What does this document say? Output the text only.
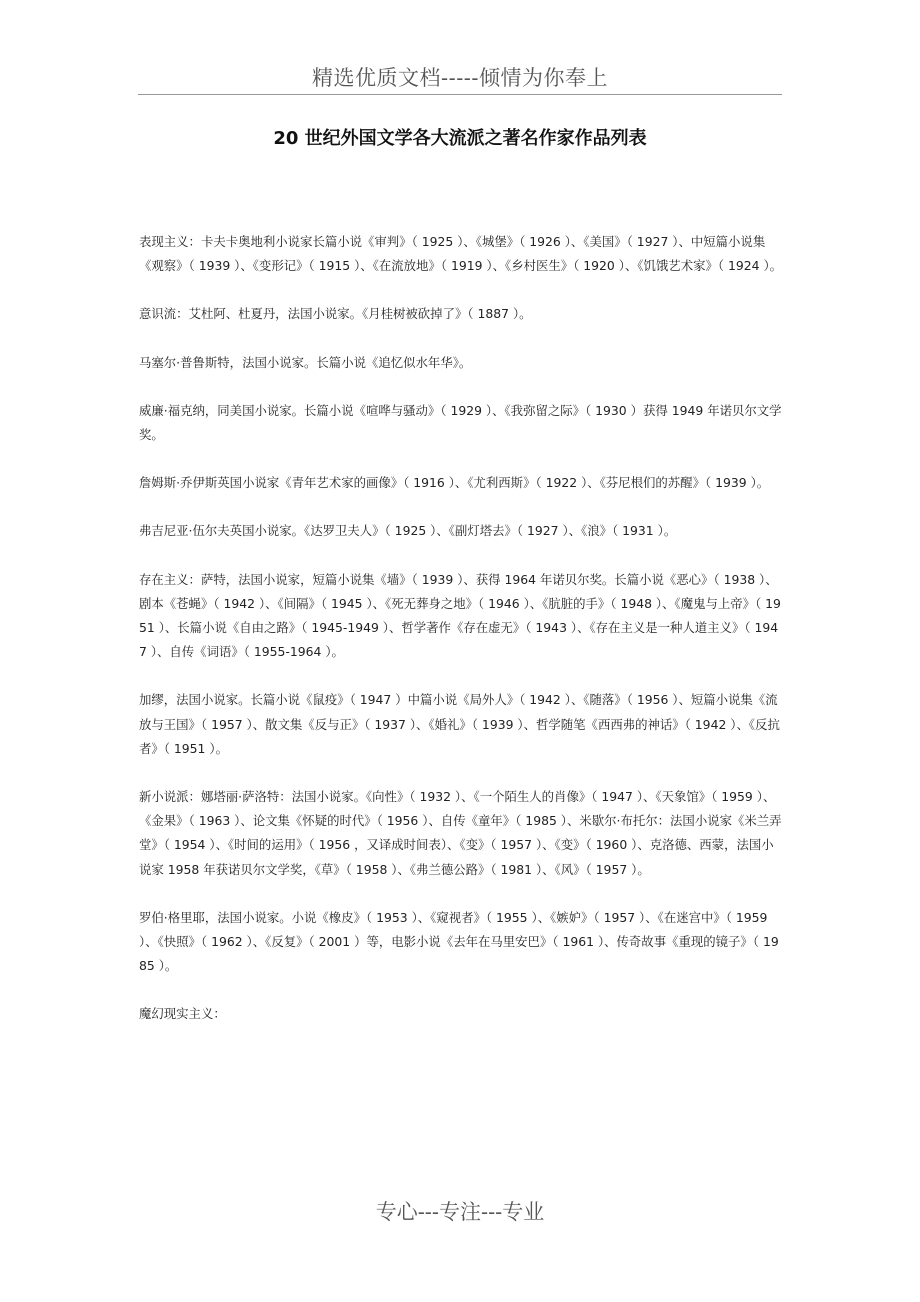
精选优质文档-----倾情为你奉上
20 世纪外国文学各大流派之著名作家作品列表

表现主义：卡夫卡奥地利小说家长篇小说《审判》（ 1925 ）、《城堡》（ 1926 ）、《美国》（ 1927 ）、中短篇小说集《观察》（ 1939 ）、《变形记》（ 1915 ）、《在流放地》（ 1919 ）、《乡村医生》（ 1920 ）、《饥饿艺术家》（ 1924 ）。

意识流：艾杜阿、杜夏丹，法国小说家。《月桂树被砍掉了》（ 1887 ）。

马塞尔·普鲁斯特，法国小说家。长篇小说《追忆似水年华》。

威廉·福克纳，同美国小说家。长篇小说《喧哗与骚动》（ 1929 ）、《我弥留之际》（ 1930 ）获得 1949 年诺贝尔文学奖。

詹姆斯·乔伊斯英国小说家《青年艺术家的画像》（ 1916 ）、《尤利西斯》（ 1922 ）、《芬尼根们的苏醒》（ 1939 ）。

弗吉尼亚·伍尔夫英国小说家。《达罗卫夫人》（ 1925 ）、《副灯塔去》（ 1927 ）、《浪》（ 1931 ）。

存在主义：萨特，法国小说家，短篇小说集《墙》（ 1939 ）、获得 1964 年诺贝尔奖。长篇小说《恶心》（ 1938 ）、剧本《苍蝇》（ 1942 ）、《间隔》（ 1945 ）、《死无葬身之地》（ 1946 ）、《肮脏的手》（ 1948 ）、《魔鬼与上帝》（ 1951 ）、长篇小说《自由之路》（ 1945-1949 ）、哲学著作《存在虚无》（ 1943 ）、《存在主义是一种人道主义》（ 1947 ）、自传《词语》（ 1955-1964 ）。

加缪，法国小说家。长篇小说《鼠疫》（ 1947 ）中篇小说《局外人》（ 1942 ）、《随落》（ 1956 ）、短篇小说集《流放与王国》（ 1957 ）、散文集《反与正》（ 1937 ）、《婚礼》（ 1939 ）、哲学随笔《西西弗的神话》（ 1942 ）、《反抗者》（ 1951 ）。

新小说派：娜塔丽·萨洛特：法国小说家。《向性》（ 1932 ）、《一个陌生人的肖像》（ 1947 ）、《天象馆》（ 1959 ）、《金果》（ 1963 ）、论文集《怀疑的时代》（ 1956 ）、自传《童年》（ 1985 ）、米歇尔·布托尔：法国小说家《米兰弄堂》（ 1954 ）、《时间的运用》（ 1956 ，又译成时间表）、《变》（ 1957 ）、《变》（ 1960 ）、克洛德、西蒙，法国小说家 1958 年获诺贝尔文学奖，《草》（ 1958 ）、《弗兰德公路》（ 1981 ）、《风》（ 1957 ）。

罗伯·格里耶，法国小说家。小说《橡皮》（ 1953 ）、《窥视者》（ 1955 ）、《嫉妒》（ 1957 ）、《在迷宫中》（ 1959 ）、《快照》（ 1962 ）、《反复》（ 2001 ）等，电影小说《去年在马里安巴》（ 1961 ）、传奇故事《重现的镜子》（ 1985 ）。

魔幻现实主义：

专心---专注---专业
